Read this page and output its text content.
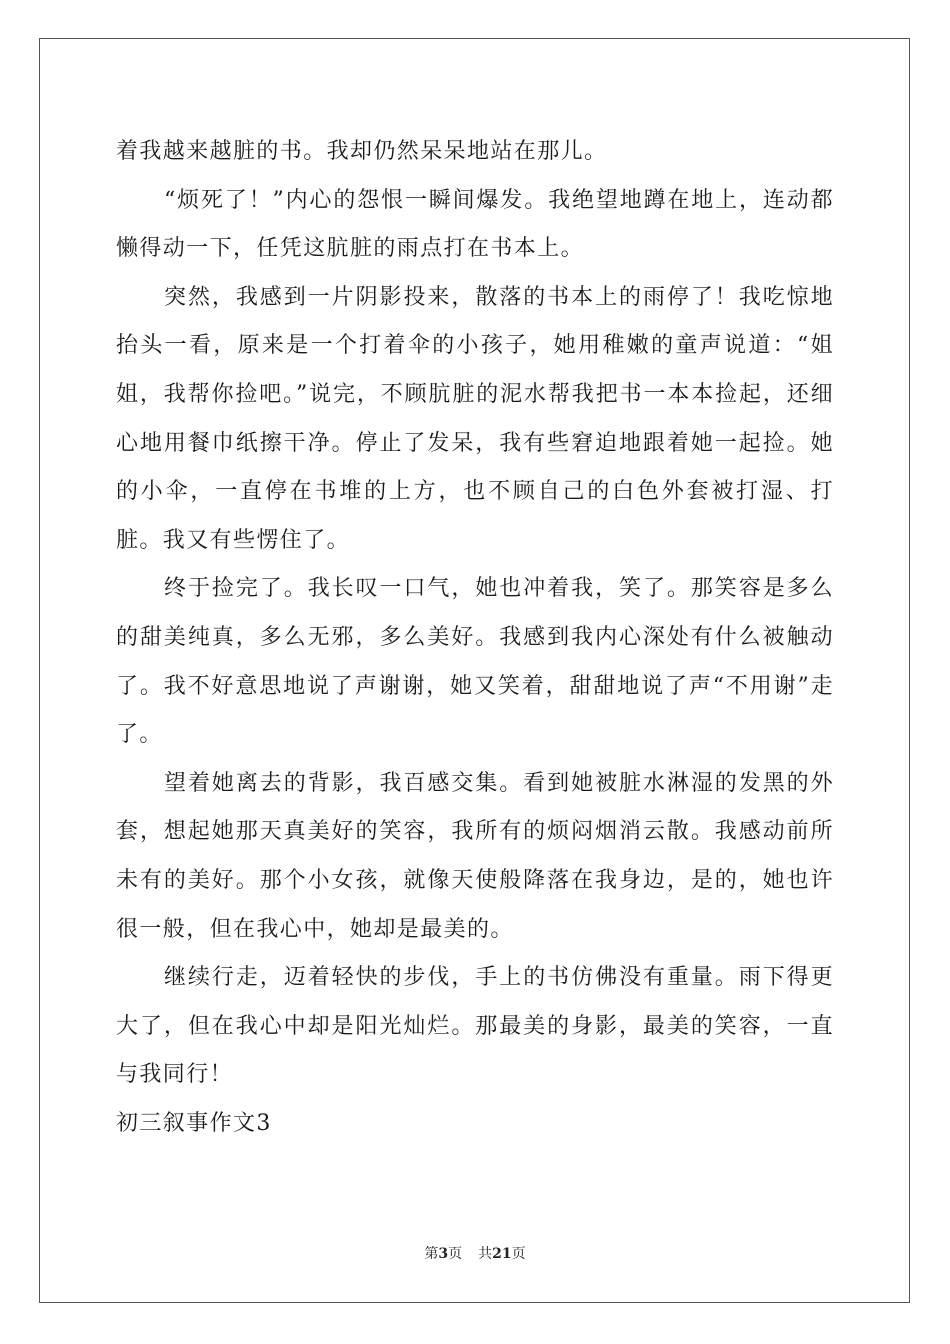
着我越来越脏的书。我却仍然呆呆地站在那儿。

“烦死了！”内心的怨恨一瞬间爆发。我绝望地蹲在地上，连动都懒得动一下，任凭这肮脏的雨点打在书本上。

突然，我感到一片阴影投来，散落的书本上的雨停了！我吃惊地抬头一看，原来是一个打着伞的小孩子，她用稚嫩的童声说道：“姐姐，我帮你捡吧。”说完，不顾肮脏的泥水帮我把书一本本捡起，还细心地用餐巾纸擦干净。停止了发呆，我有些窘迫地跟着她一起捡。她的小伞，一直停在书堆的上方，也不顾自己的白色外套被打湿、打脏。我又有些愣住了。

终于捡完了。我长叹一口气，她也冲着我，笑了。那笑容是多么的甜美纯真，多么无邪，多么美好。我感到我内心深处有什么被触动了。我不好意思地说了声谢谢，她又笑着，甜甜地说了声“不用谢”走了。

望着她离去的背影，我百感交集。看到她被脏水淋湿的发黑的外套，想起她那天真美好的笑容，我所有的烦闷烟消云散。我感动前所未有的美好。那个小女孩，就像天使般降落在我身边，是的，她也许很一般，但在我心中，她却是最美的。

继续行走，迈着轻快的步伐，手上的书仿佛没有重量。雨下得更大了，但在我心中却是阳光灿烂。那最美的身影，最美的笑容，一直与我同行！

初三叙事作文3

第3页 共21页
